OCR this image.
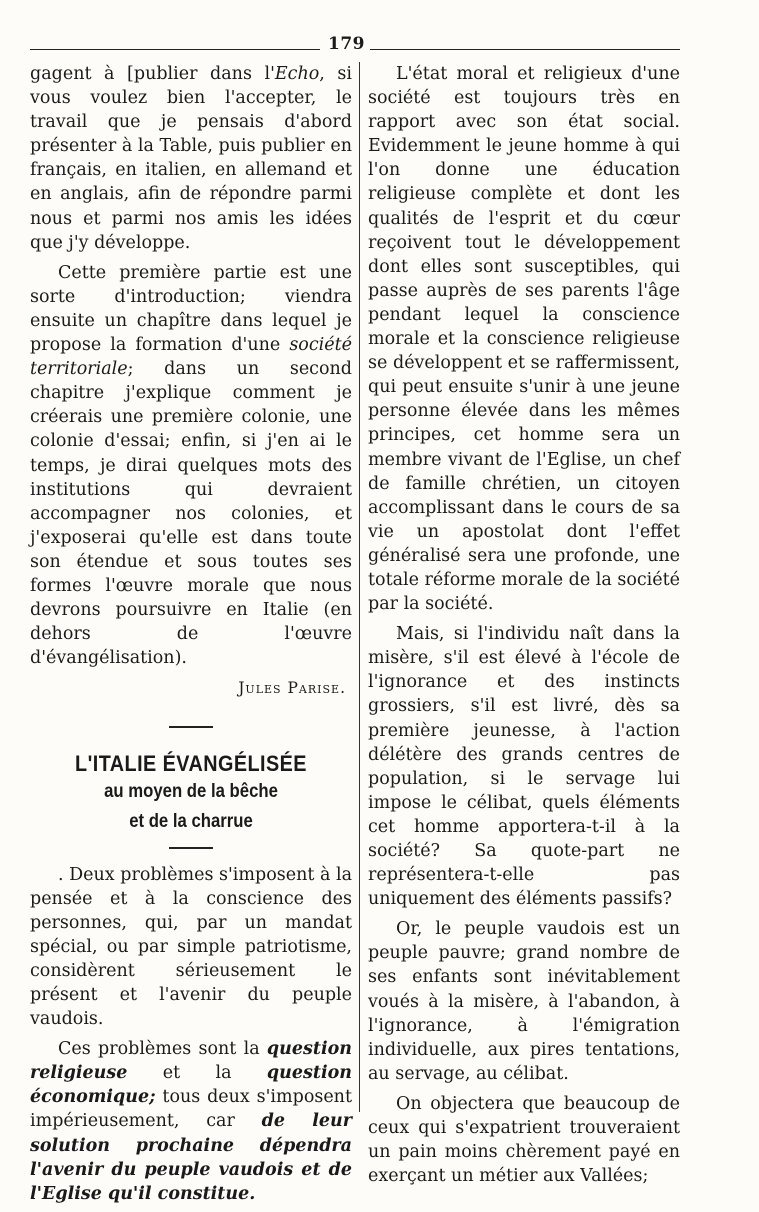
179

gagent à [publier dans l'Echo, si vous voulez bien l'accepter, le travail que je pensais d'abord présenter à la Table, puis publier en français, en italien, en allemand et en anglais, afin de répondre parmi nous et parmi nos amis les idées que j'y développe.

Cette première partie est une sorte d'introduction; viendra ensuite un chapître dans lequel je propose la formation d'une société territoriale; dans un second chapitre j'explique comment je créerais une première colonie, une colonie d'essai; enfin, si j'en ai le temps, je dirai quelques mots des institutions qui devraient accompagner nos colonies, et j'exposerai qu'elle est dans toute son étendue et sous toutes ses formes l'œuvre morale que nous devrons poursuivre en Italie (en dehors de l'œuvre d'évangélisation).

Jules Parise.
L'ITALIE ÉVANGÉLISÉE
au moyen de la bêche
et de la charrue

. Deux problèmes s'imposent à la pensée et à la conscience des personnes, qui, par un mandat spécial, ou par simple patriotisme, considèrent sérieusement le présent et l'avenir du peuple vaudois.

Ces problèmes sont la question religieuse et la question économique; tous deux s'imposent impérieusement, car de leur solution prochaine dépendra l'avenir du peuple vaudois et de l'Eglise qu'il constitue.

L'état moral et religieux d'une société est toujours très en rapport avec son état social. Evidemment le jeune homme à qui l'on donne une éducation religieuse complète et dont les qualités de l'esprit et du cœur reçoivent tout le développement dont elles sont susceptibles, qui passe auprès de ses parents l'âge pendant lequel la conscience morale et la conscience religieuse se développent et se raffermissent, qui peut ensuite s'unir à une jeune personne élevée dans les mêmes principes, cet homme sera un membre vivant de l'Eglise, un chef de famille chrétien, un citoyen accomplissant dans le cours de sa vie un apostolat dont l'effet généralisé sera une profonde, une totale réforme morale de la société par la société.

Mais, si l'individu naît dans la misère, s'il est élevé à l'école de l'ignorance et des instincts grossiers, s'il est livré, dès sa première jeunesse, à l'action délétère des grands centres de population, si le servage lui impose le célibat, quels éléments cet homme apportera-t-il à la société? Sa quote-part ne représentera-t-elle pas uniquement des éléments passifs?

Or, le peuple vaudois est un peuple pauvre; grand nombre de ses enfants sont inévitablement voués à la misère, à l'abandon, à l'ignorance, à l'émigration individuelle, aux pires tentations, au servage, au célibat.

On objectera que beaucoup de ceux qui s'expatrient trouveraient un pain moins chèrement payé en exerçant un métier aux Vallées;
